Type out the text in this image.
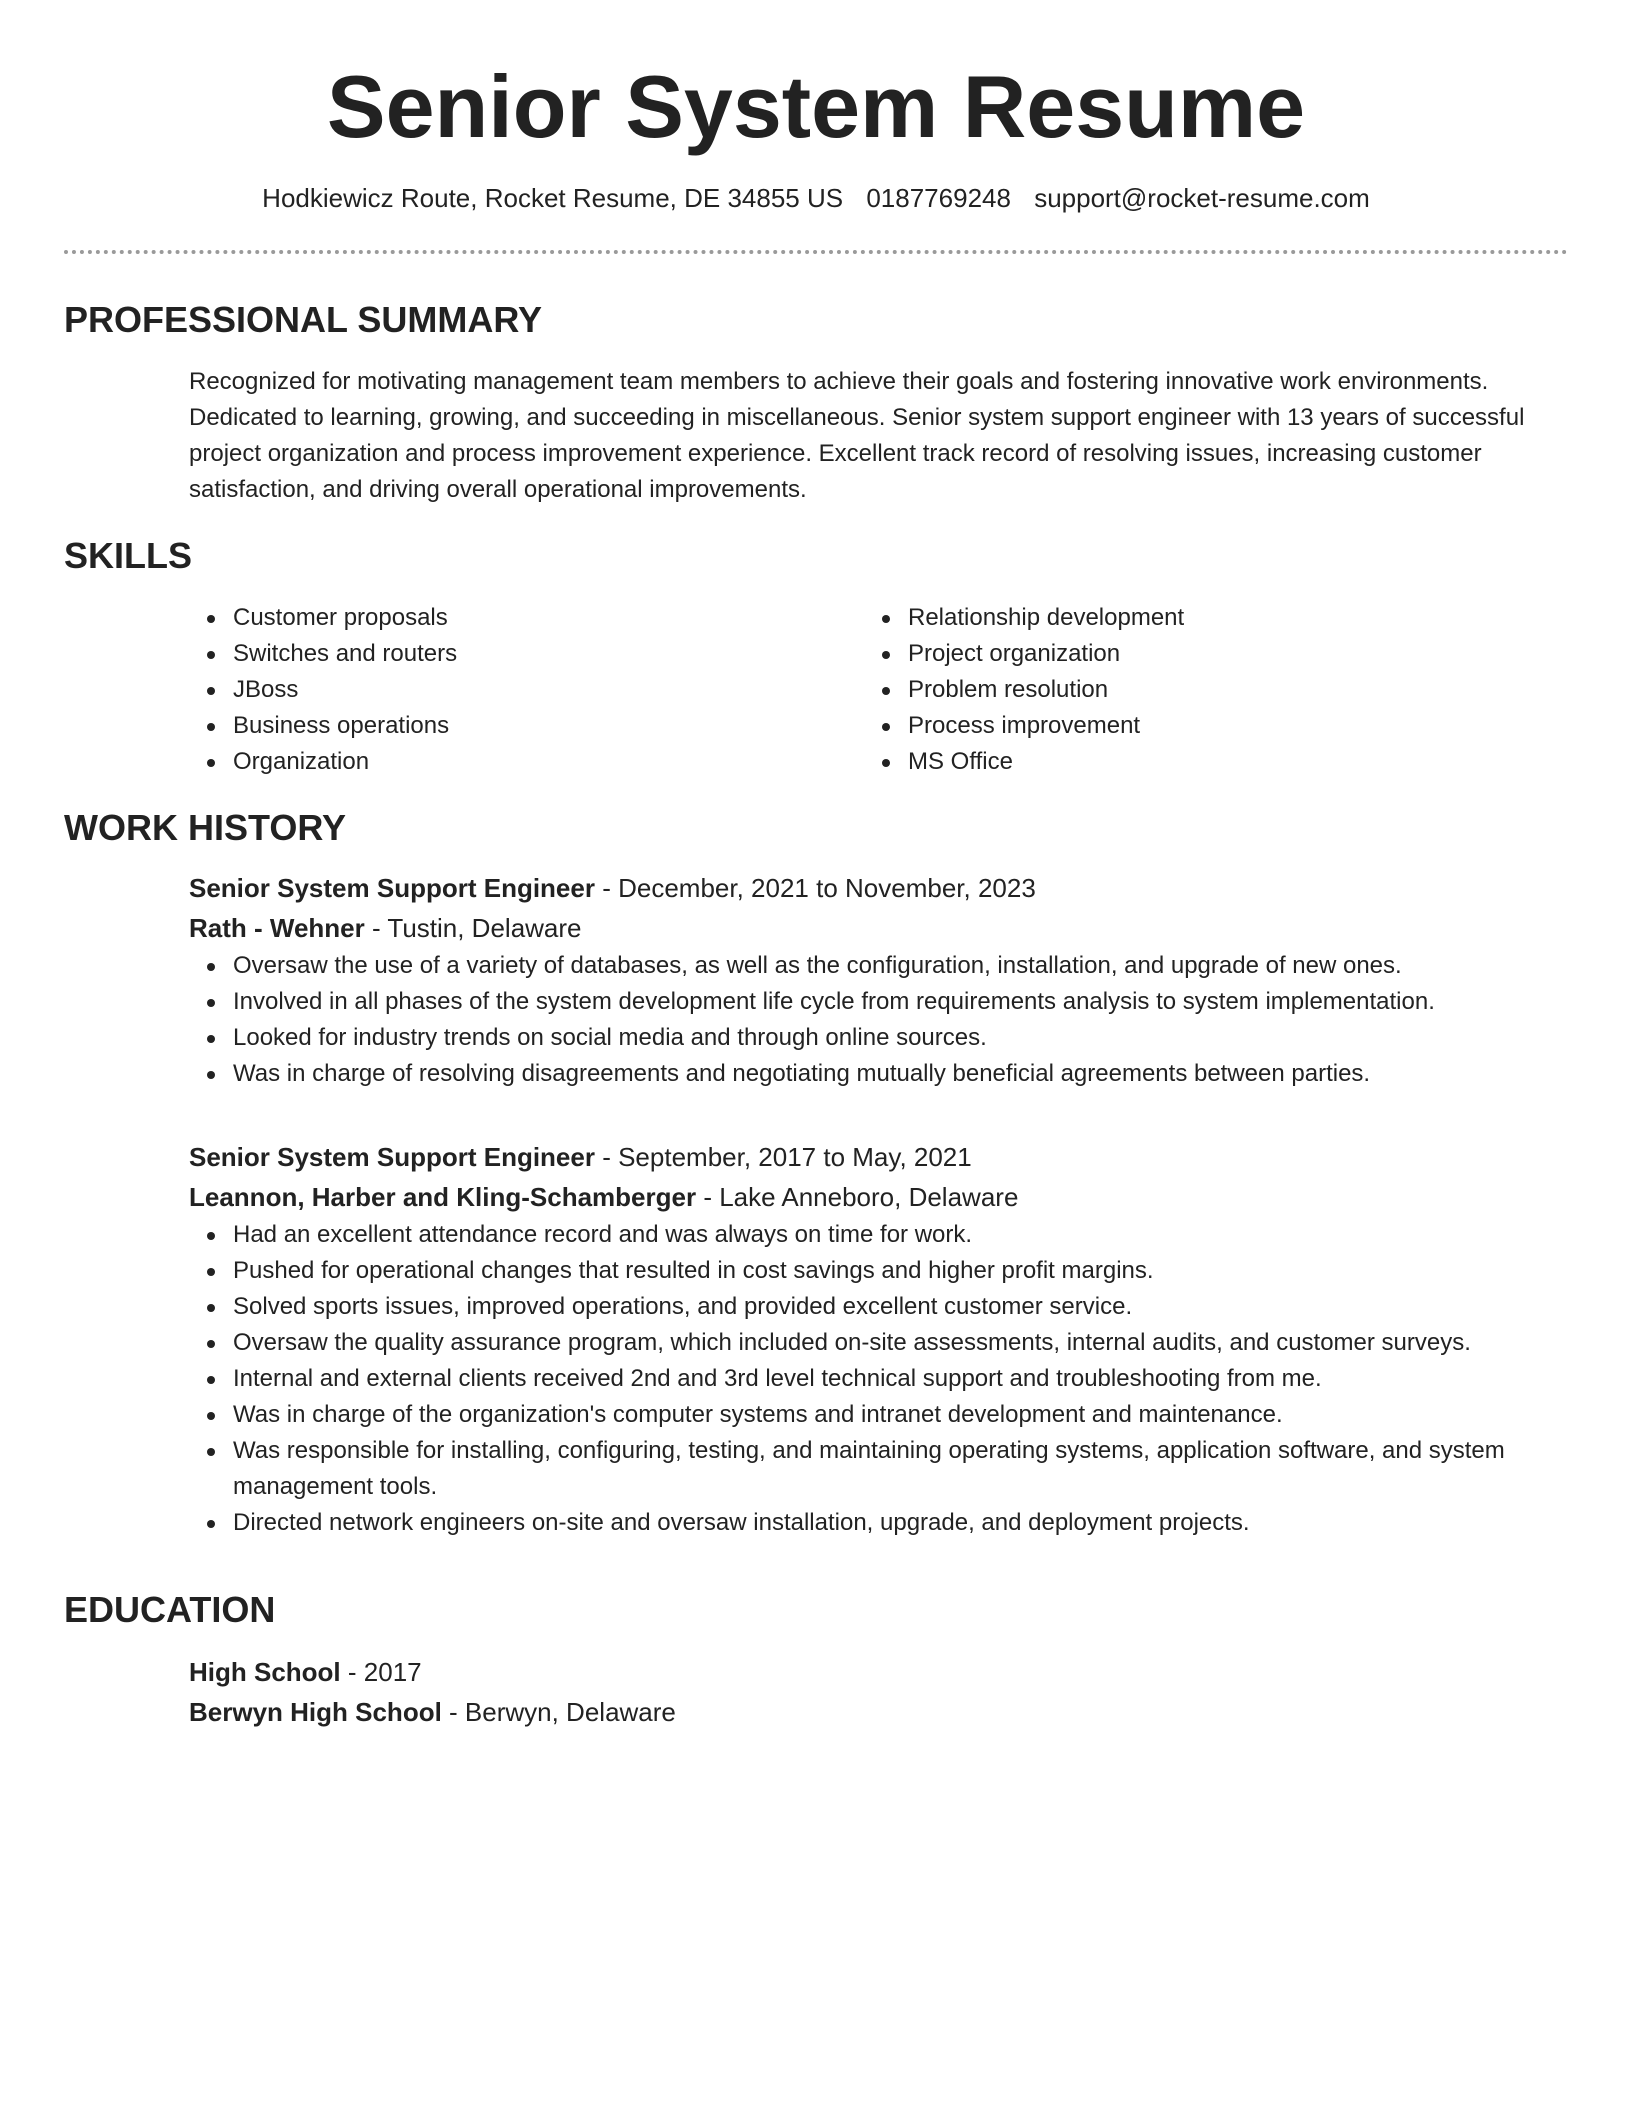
Senior System Resume
Hodkiewicz Route, Rocket Resume, DE 34855 US 0187769248 support@rocket-resume.com
PROFESSIONAL SUMMARY

Recognized for motivating management team members to achieve their goals and fostering innovative work environments. Dedicated to learning, growing, and succeeding in miscellaneous. Senior system support engineer with 13 years of successful project organization and process improvement experience. Excellent track record of resolving issues, increasing customer satisfaction, and driving overall operational improvements.

SKILLS
Customer proposals
Switches and routers
JBoss
Business operations
Organization
Relationship development
Project organization
Problem resolution
Process improvement
MS Office
WORK HISTORY

Senior System Support Engineer - December, 2021 to November, 2023

Rath - Wehner - Tustin, Delaware

Oversaw the use of a variety of databases, as well as the configuration, installation, and upgrade of new ones.
Involved in all phases of the system development life cycle from requirements analysis to system implementation.
Looked for industry trends on social media and through online sources.
Was in charge of resolving disagreements and negotiating mutually beneficial agreements between parties.

Senior System Support Engineer - September, 2017 to May, 2021

Leannon, Harber and Kling-Schamberger - Lake Anneboro, Delaware

Had an excellent attendance record and was always on time for work.
Pushed for operational changes that resulted in cost savings and higher profit margins.
Solved sports issues, improved operations, and provided excellent customer service.
Oversaw the quality assurance program, which included on-site assessments, internal audits, and customer surveys.
Internal and external clients received 2nd and 3rd level technical support and troubleshooting from me.
Was in charge of the organization's computer systems and intranet development and maintenance.
Was responsible for installing, configuring, testing, and maintaining operating systems, application software, and system management tools.
Directed network engineers on-site and oversaw installation, upgrade, and deployment projects.
EDUCATION

High School - 2017

Berwyn High School - Berwyn, Delaware
